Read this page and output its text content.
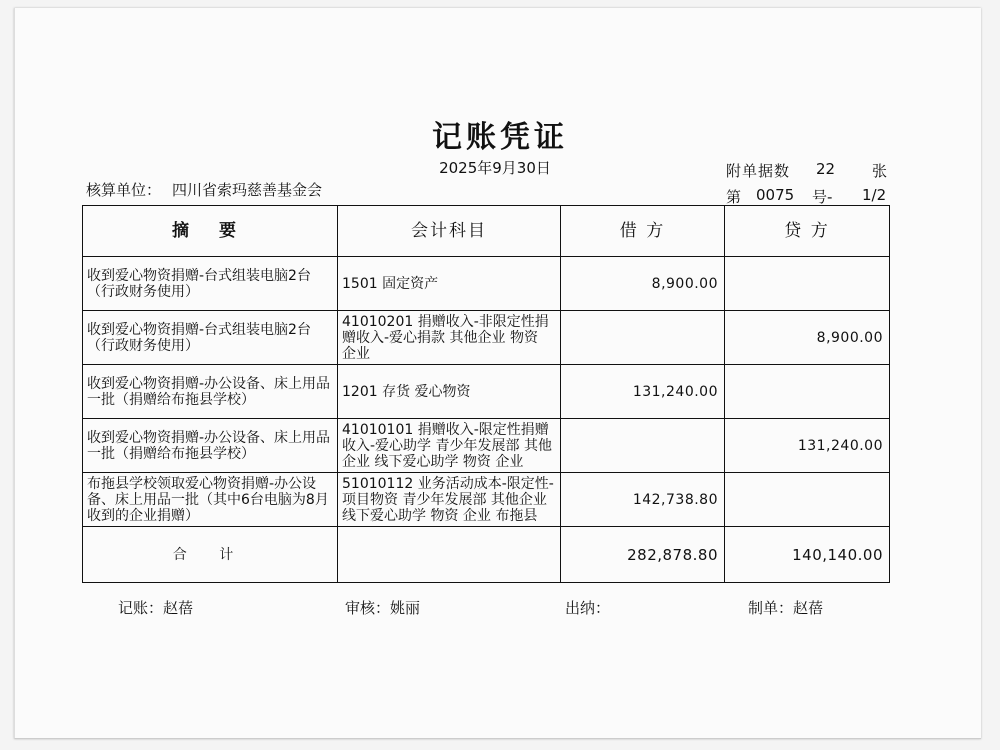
记账凭证
2025年9月30日
核算单位： 四川省索玛慈善基金会
附单据数 22 张
第 0075 号- 1/2
摘 要	会计科目	借 方	贷 方
收到爱心物资捐赠-台式组装电脑2台（行政财务使用）	1501 固定资产	8,900.00	
收到爱心物资捐赠-台式组装电脑2台（行政财务使用）	41010201 捐赠收入-非限定性捐赠收入-爱心捐款 其他企业 物资 企业		8,900.00
收到爱心物资捐赠-办公设备、床上用品一批（捐赠给布拖县学校）	1201 存货 爱心物资	131,240.00	
收到爱心物资捐赠-办公设备、床上用品一批（捐赠给布拖县学校）	41010101 捐赠收入-限定性捐赠收入-爱心助学 青少年发展部 其他企业 线下爱心助学 物资 企业		131,240.00
布拖县学校领取爱心物资捐赠-办公设备、床上用品一批（其中6台电脑为8月收到的企业捐赠）	51010112 业务活动成本-限定性-项目物资 青少年发展部 其他企业 线下爱心助学 物资 企业 布拖县	142,738.80	
合 计		282,878.80	140,140.00
记账：赵蓓	审核：姚丽	出纳：	制单：赵蓓
